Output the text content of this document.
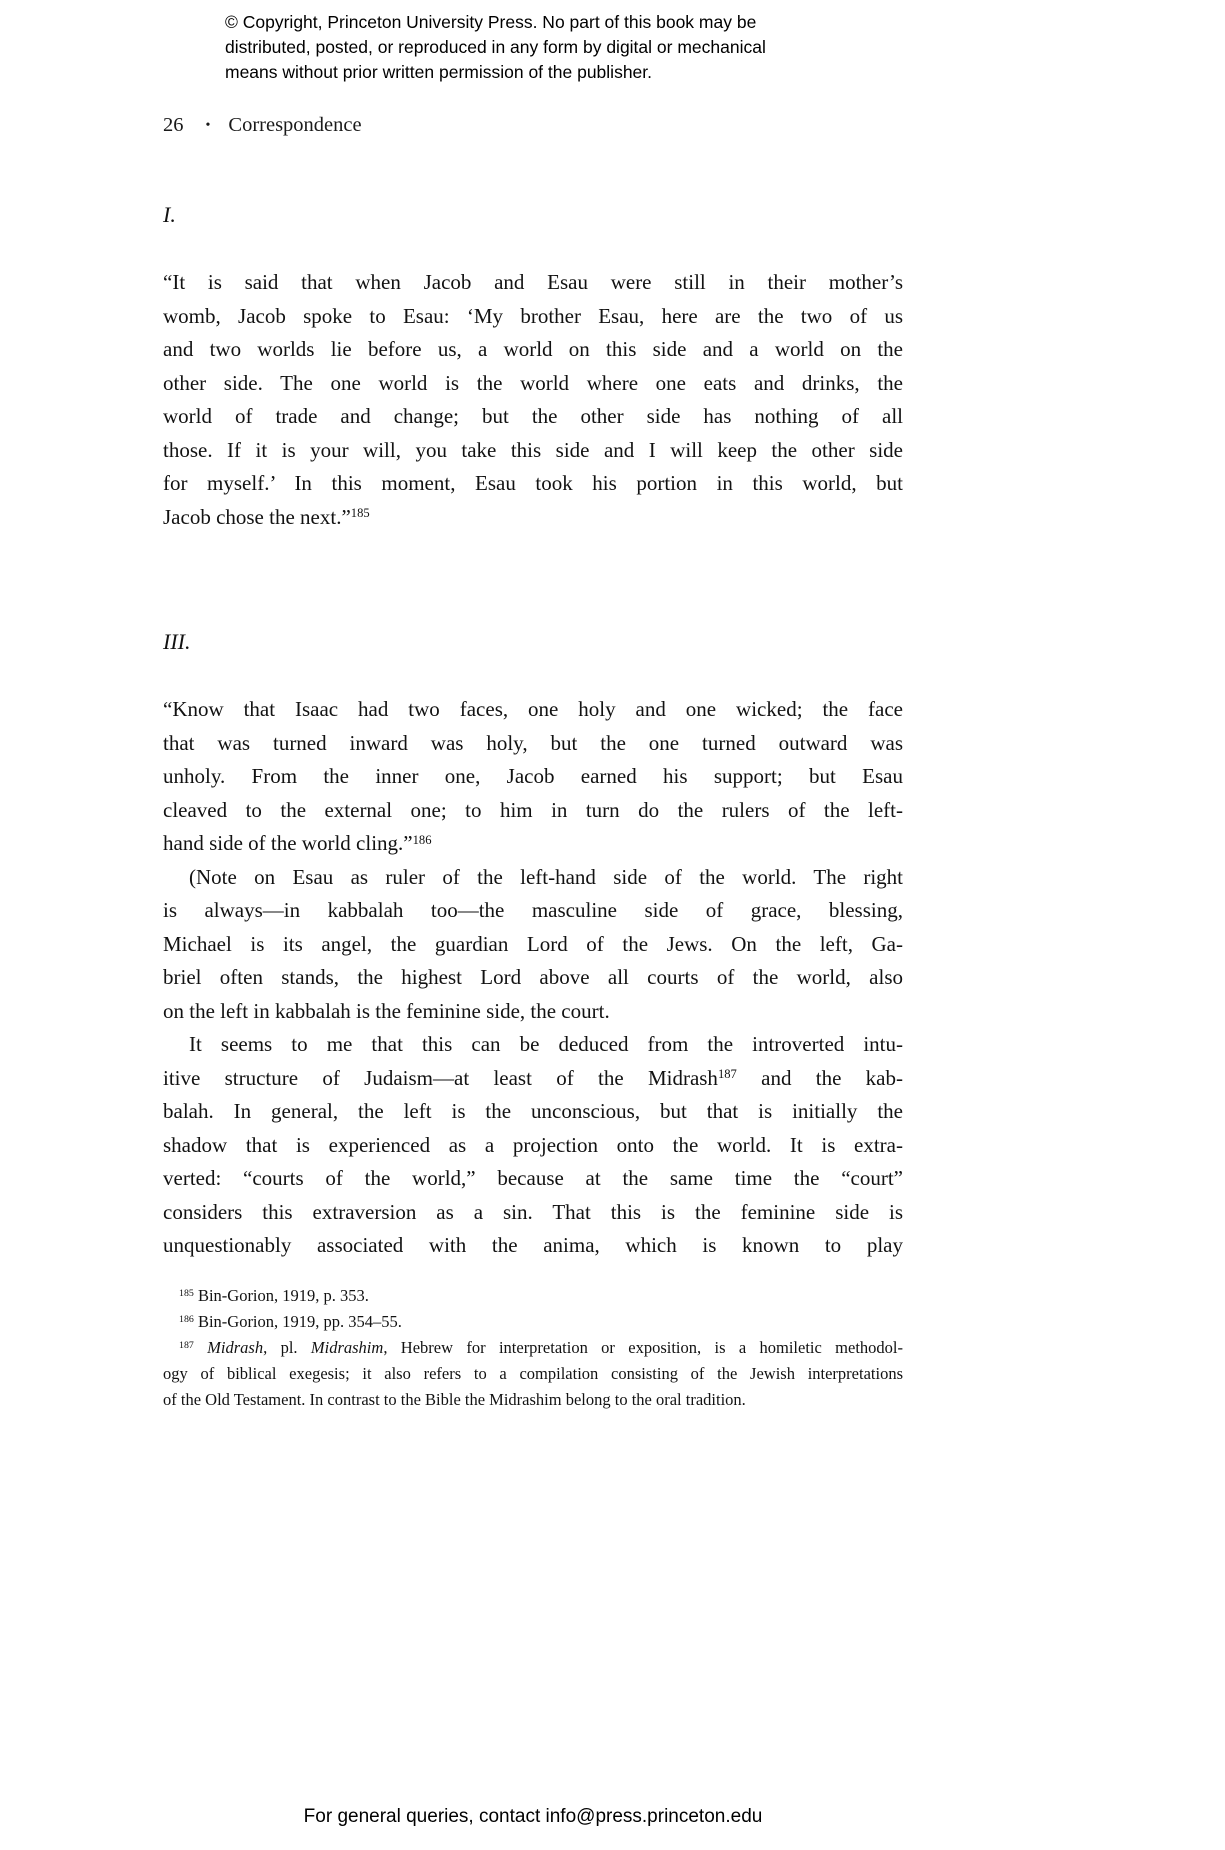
© Copyright, Princeton University Press. No part of this book may be
distributed, posted, or reproduced in any form by digital or mechanical
means without prior written permission of the publisher.
26 • Correspondence
I.
“It is said that when Jacob and Esau were still in their mother’s
womb, Jacob spoke to Esau: ‘My brother Esau, here are the two of us
and two worlds lie before us, a world on this side and a world on the
other side. The one world is the world where one eats and drinks, the
world of trade and change; but the other side has nothing of all
those. If it is your will, you take this side and I will keep the other side
for myself.’ In this moment, Esau took his portion in this world, but
Jacob chose the next.”$^{185}$
III.
“Know that Isaac had two faces, one holy and one wicked; the face
that was turned inward was holy, but the one turned outward was
unholy. From the inner one, Jacob earned his support; but Esau
cleaved to the external one; to him in turn do the rulers of the left-
hand side of the world cling.”$^{186}$
(Note on Esau as ruler of the left-hand side of the world. The right
is always—in kabbalah too—the masculine side of grace, blessing,
Michael is its angel, the guardian Lord of the Jews. On the left, Ga-
briel often stands, the highest Lord above all courts of the world, also
on the left in kabbalah is the feminine side, the court.
It seems to me that this can be deduced from the introverted intu-
itive structure of Judaism—at least of the Midrash$^{187}$ and the kab-
balah. In general, the left is the unconscious, but that is initially the
shadow that is experienced as a projection onto the world. It is extra-
verted: “courts of the world,” because at the same time the “court”
considers this extraversion as a sin. That this is the feminine side is
unquestionably associated with the anima, which is known to play
$^{185}$ Bin-Gorion, 1919, p. 353.
$^{186}$ Bin-Gorion, 1919, pp. 354–55.
$^{187}$ Midrash, pl. Midrashim, Hebrew for interpretation or exposition, is a homiletic methodol-
ogy of biblical exegesis; it also refers to a compilation consisting of the Jewish interpretations
of the Old Testament. In contrast to the Bible the Midrashim belong to the oral tradition.
For general queries, contact info@press.princeton.edu
